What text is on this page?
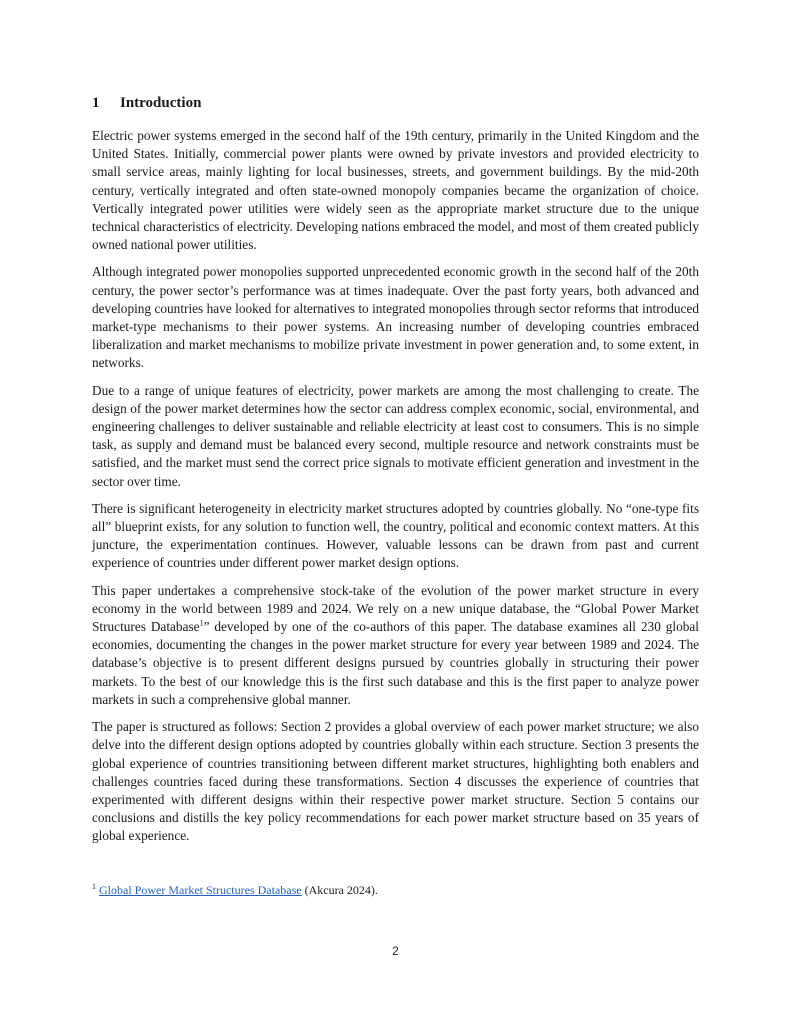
1 Introduction

Electric power systems emerged in the second half of the 19th century, primarily in the United Kingdom and the United States. Initially, commercial power plants were owned by private investors and provided electricity to small service areas, mainly lighting for local businesses, streets, and government buildings. By the mid-20th century, vertically integrated and often state-owned monopoly companies became the organization of choice. Vertically integrated power utilities were widely seen as the appropriate market structure due to the unique technical characteristics of electricity. Developing nations embraced the model, and most of them created publicly owned national power utilities.

Although integrated power monopolies supported unprecedented economic growth in the second half of the 20th century, the power sector’s performance was at times inadequate. Over the past forty years, both advanced and developing countries have looked for alternatives to integrated monopolies through sector reforms that introduced market-type mechanisms to their power systems. An increasing number of developing countries embraced liberalization and market mechanisms to mobilize private investment in power generation and, to some extent, in networks.

Due to a range of unique features of electricity, power markets are among the most challenging to create. The design of the power market determines how the sector can address complex economic, social, environmental, and engineering challenges to deliver sustainable and reliable electricity at least cost to consumers. This is no simple task, as supply and demand must be balanced every second, multiple resource and network constraints must be satisfied, and the market must send the correct price signals to motivate efficient generation and investment in the sector over time.

There is significant heterogeneity in electricity market structures adopted by countries globally. No “one-type fits all” blueprint exists, for any solution to function well, the country, political and economic context matters. At this juncture, the experimentation continues. However, valuable lessons can be drawn from past and current experience of countries under different power market design options.

This paper undertakes a comprehensive stock-take of the evolution of the power market structure in every economy in the world between 1989 and 2024. We rely on a new unique database, the “Global Power Market Structures Database$^1$” developed by one of the co-authors of this paper. The database examines all 230 global economies, documenting the changes in the power market structure for every year between 1989 and 2024. The database’s objective is to present different designs pursued by countries globally in structuring their power markets. To the best of our knowledge this is the first such database and this is the first paper to analyze power markets in such a comprehensive global manner.

The paper is structured as follows: Section 2 provides a global overview of each power market structure; we also delve into the different design options adopted by countries globally within each structure. Section 3 presents the global experience of countries transitioning between different market structures, highlighting both enablers and challenges countries faced during these transformations. Section 4 discusses the experience of countries that experimented with different designs within their respective power market structure. Section 5 contains our conclusions and distills the key policy recommendations for each power market structure based on 35 years of global experience.

$^1$ Global Power Market Structures Database (Akcura 2024).

2
